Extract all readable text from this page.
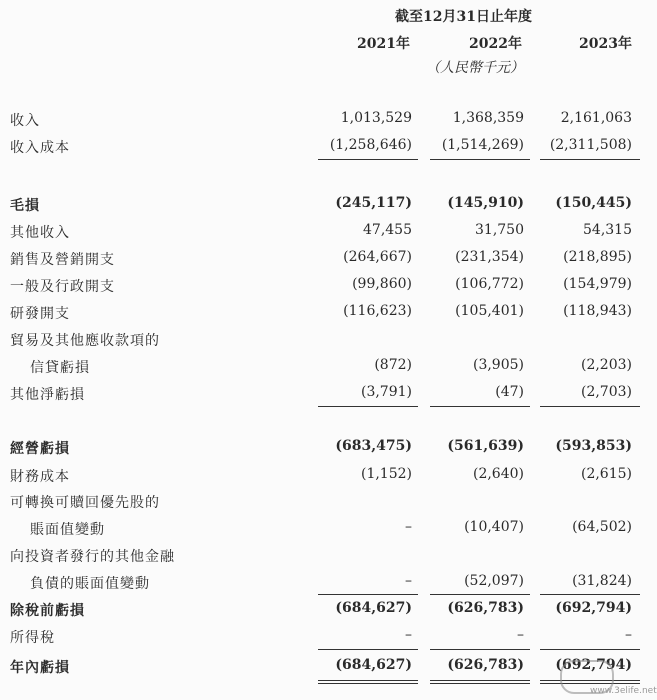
截至12月31日止年度
2021年	2022年	2023年
（人民幣千元）
收入	1,013,529	1,368,359	2,161,063
收入成本	(1,258,646)	(1,514,269)	(2,311,508)
毛損	(245,117)	(145,910)	(150,445)
其他收入	47,455	31,750	54,315
銷售及營銷開支	(264,667)	(231,354)	(218,895)
一般及行政開支	(99,860)	(106,772)	(154,979)
研發開支	(116,623)	(105,401)	(118,943)
貿易及其他應收款項的
信貸虧損	(872)	(3,905)	(2,203)
其他淨虧損	(3,791)	(47)	(2,703)
經營虧損	(683,475)	(561,639)	(593,853)
財務成本	(1,152)	(2,640)	(2,615)
可轉換可贖回優先股的
賬面值變動	–	(10,407)	(64,502)
向投資者發行的其他金融
負債的賬面值變動	–	(52,097)	(31,824)
除稅前虧損	(684,627)	(626,783)	(692,794)
所得稅	–	–	–
年內虧損	(684,627)	(626,783)	(692,794)
www.3elife.net
